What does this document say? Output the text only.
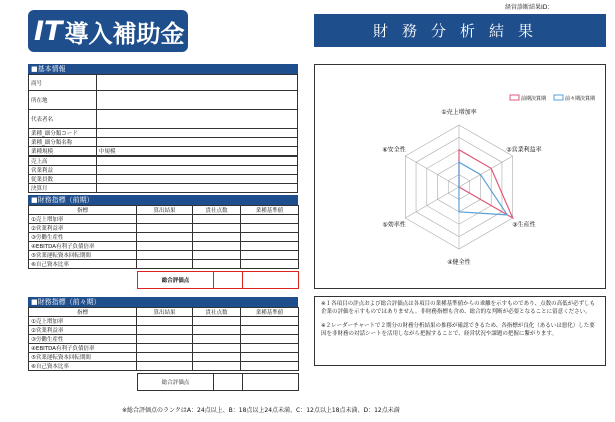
IT 導入補助金
経営診断結果ID：
財務分析結果
■基本情報
商号	
所在地	
代表者名	
業種_細分類コード	
業種_細分類名称	
業種規模	中規模
売上高	
営業利益	
従業員数	
決算月	
■財務指標（前期）
指標	算出結果	貴社点数	業種基準値
①売上増加率			
②営業利益率			
③労働生産性			
④EBITDA有利子負債倍率			
⑤営業運転資本回転期間			
⑥自己資本比率			
総合評価点		
■財務指標（前々期）
指標	算出結果	貴社点数	業種基準値
①売上増加率			
②営業利益率			
③労働生産性			
④EBITDA有利子負債倍率			
⑤営業運転資本回転期間			
⑥自己資本比率			
総合評価点		
①売上増加率
②営業利益率
③生産性
④健全性
⑤効率性
⑥安全性
前期決算期	前々期決算期
※１各項目の評点および総合評価点は各項目の業種基準値からの乖離を示すものであり、点数の高低が必ずしも企業の評価を示すものではありません。非財務指標も含め、総合的な判断が必要となることに留意ください。
※２レーダーチャートで２期分の財務分析結果の推移が確認できるため、各指標が良化（あるいは悪化）した要因を非財務の対話シートを活用しながら把握することで、経営状況や課題の把握に繋がります。
※総合評価点のランクはA：24点以上、B：18点以上24点未満、C：12点以上18点未満、D：12点未満
